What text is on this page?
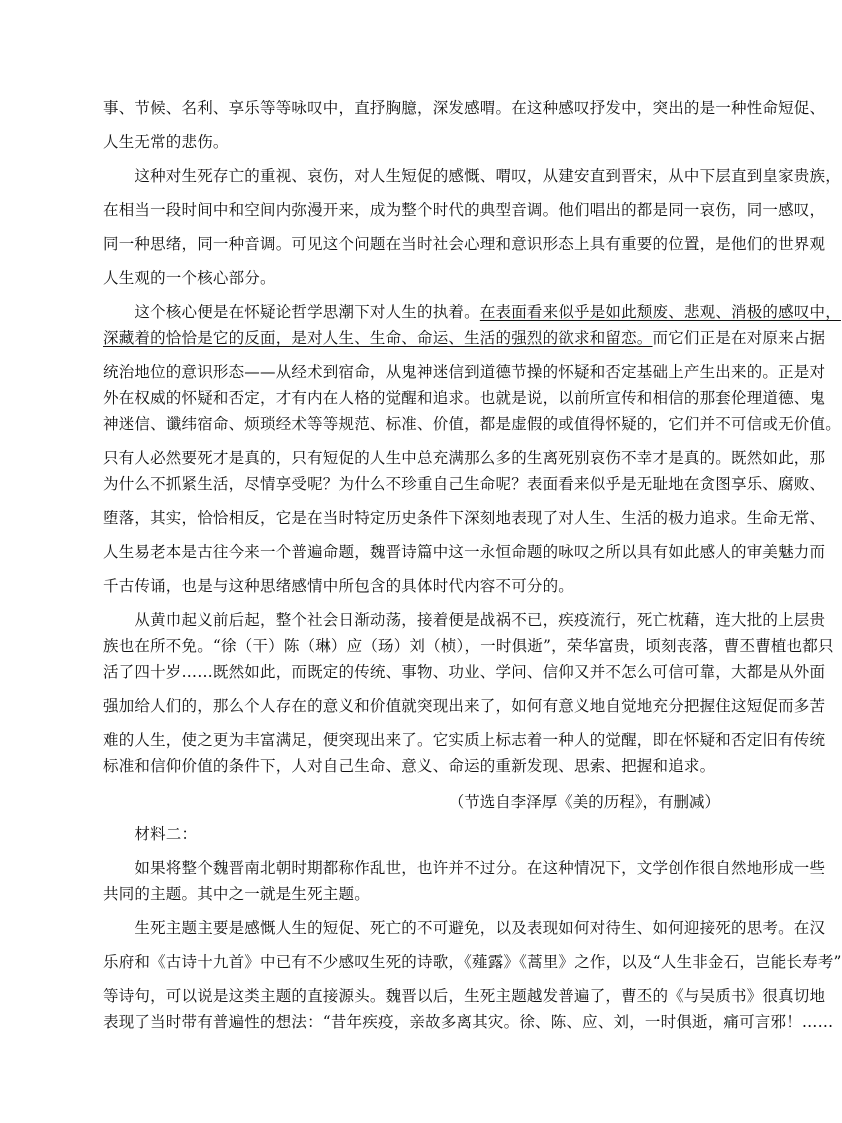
事、节候、名利、享乐等等咏叹中，直抒胸臆，深发感喟。在这种感叹抒发中，突出的是一种性命短促、
人生无常的悲伤。
　　这种对生死存亡的重视、哀伤，对人生短促的感慨、喟叹，从建安直到晋宋，从中下层直到皇家贵族，
在相当一段时间中和空间内弥漫开来，成为整个时代的典型音调。他们唱出的都是同一哀伤，同一感叹，
同一种思绪，同一种音调。可见这个问题在当时社会心理和意识形态上具有重要的位置，是他们的世界观
人生观的一个核心部分。
　　这个核心便是在怀疑论哲学思潮下对人生的执着。在表面看来似乎是如此颓废、悲观、消极的感叹中，
深藏着的恰恰是它的反面，是对人生、生命、命运、生活的强烈的欲求和留恋。而它们正是在对原来占据
统治地位的意识形态——从经术到宿命，从鬼神迷信到道德节操的怀疑和否定基础上产生出来的。正是对
外在权威的怀疑和否定，才有内在人格的觉醒和追求。也就是说，以前所宣传和相信的那套伦理道德、鬼
神迷信、谶纬宿命、烦琐经术等等规范、标准、价值，都是虚假的或值得怀疑的，它们并不可信或无价值。
只有人必然要死才是真的，只有短促的人生中总充满那么多的生离死别哀伤不幸才是真的。既然如此，那
为什么不抓紧生活，尽情享受呢？为什么不珍重自己生命呢？表面看来似乎是无耻地在贪图享乐、腐败、
堕落，其实，恰恰相反，它是在当时特定历史条件下深刻地表现了对人生、生活的极力追求。生命无常、
人生易老本是古往今来一个普遍命题，魏晋诗篇中这一永恒命题的咏叹之所以具有如此感人的审美魅力而
千古传诵，也是与这种思绪感情中所包含的具体时代内容不可分的。
　　从黄巾起义前后起，整个社会日渐动荡，接着便是战祸不已，疾疫流行，死亡枕藉，连大批的上层贵
族也在所不免。“徐（干）陈（琳）应（玚）刘（桢），一时俱逝”，荣华富贵，顷刻丧落，曹丕曹植也都只
活了四十岁……既然如此，而既定的传统、事物、功业、学问、信仰又并不怎么可信可靠，大都是从外面
强加给人们的，那么个人存在的意义和价值就突现出来了，如何有意义地自觉地充分把握住这短促而多苦
难的人生，使之更为丰富满足，便突现出来了。它实质上标志着一种人的觉醒，即在怀疑和否定旧有传统
标准和信仰价值的条件下，人对自己生命、意义、命运的重新发现、思索、把握和追求。
（节选自李泽厚《美的历程》，有删减）
　　材料二：
　　如果将整个魏晋南北朝时期都称作乱世，也许并不过分。在这种情况下，文学创作很自然地形成一些
共同的主题。其中之一就是生死主题。
　　生死主题主要是感慨人生的短促、死亡的不可避免，以及表现如何对待生、如何迎接死的思考。在汉
乐府和《古诗十九首》中已有不少感叹生死的诗歌，《薤露》《蒿里》之作，以及“人生非金石，岂能长寿考”
等诗句，可以说是这类主题的直接源头。魏晋以后，生死主题越发普遍了，曹丕的《与吴质书》很真切地
表现了当时带有普遍性的想法：“昔年疾疫，亲故多离其灾。徐、陈、应、刘，一时俱逝，痛可言邪！……
